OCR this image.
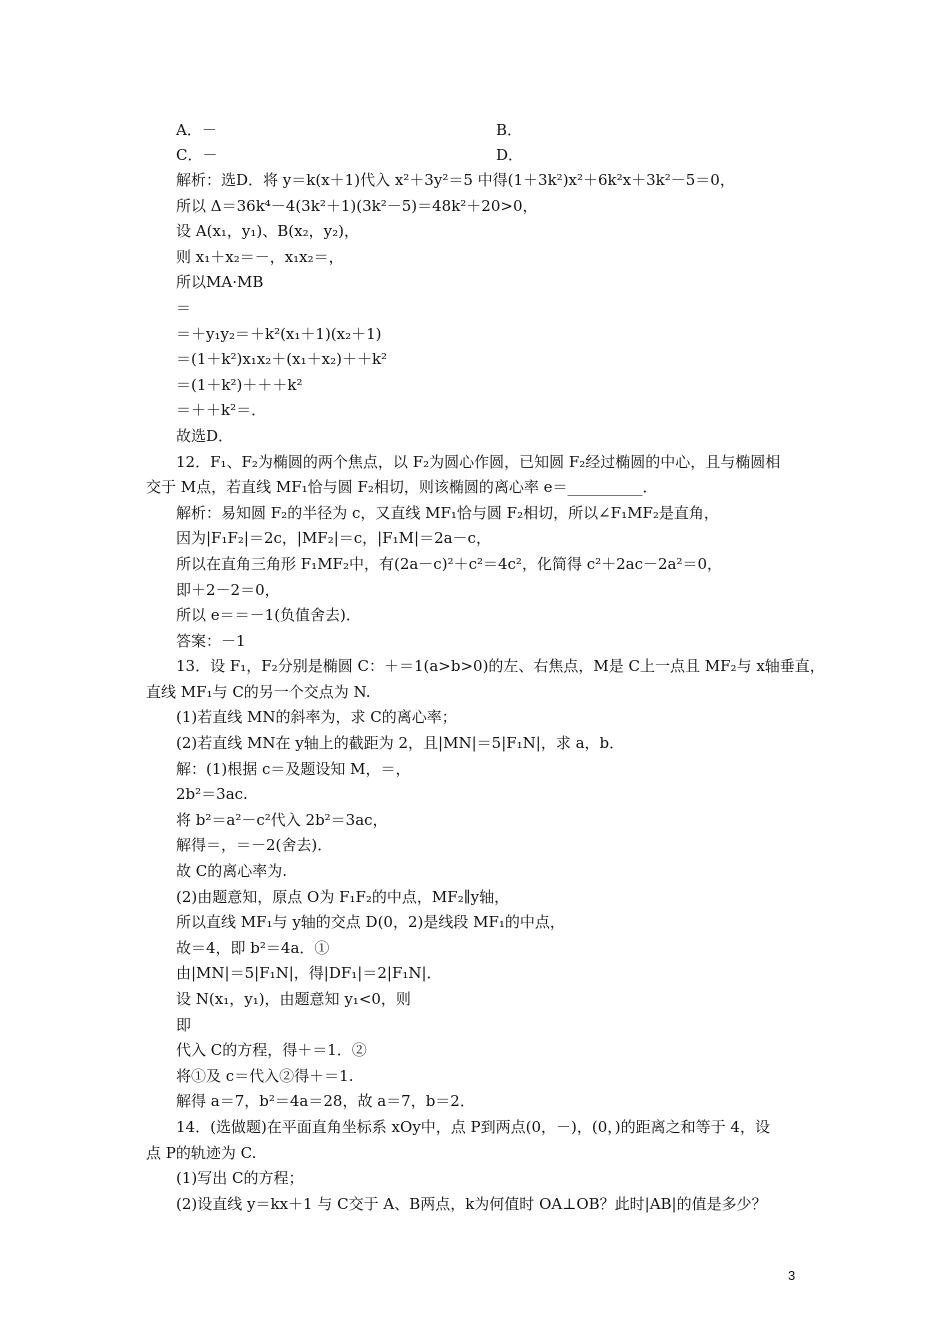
A．－	B．
C．－	D．
解析：选D．将 y＝k(x＋1)代入 x²＋3y²＝5 中得(1＋3k²)x²＋6k²x＋3k²－5＝0，
所以 Δ＝36k⁴－4(3k²＋1)(3k²－5)＝48k²＋20>0，
设 A(x₁，y₁)、B(x₂，y₂)，
则 x₁＋x₂＝－，x₁x₂＝，
所以MA·MB
＝
＝＋y₁y₂＝＋k²(x₁＋1)(x₂＋1)
＝(1＋k²)x₁x₂＋(x₁＋x₂)＋＋k²
＝(1＋k²)＋＋＋k²
＝＋＋k²＝．
故选D．
12．F₁、F₂为椭圆的两个焦点，以 F₂为圆心作圆，已知圆 F₂经过椭圆的中心，且与椭圆相
交于 M点，若直线 MF₁恰与圆 F₂相切，则该椭圆的离心率 e＝__________．
解析：易知圆 F₂的半径为 c，又直线 MF₁恰与圆 F₂相切，所以∠F₁MF₂是直角，
因为|F₁F₂|＝2c，|MF₂|＝c，|F₁M|＝2a－c，
所以在直角三角形 F₁MF₂中，有(2a－c)²＋c²＝4c²，化简得 c²＋2ac－2a²＝0，
即＋2－2＝0，
所以 e＝＝－1(负值舍去)．
答案：－1
13．设 F₁，F₂分别是椭圆 C：＋＝1(a>b>0)的左、右焦点，M是 C上一点且 MF₂与 x轴垂直，
直线 MF₁与 C的另一个交点为 N.
(1)若直线 MN的斜率为，求 C的离心率；
(2)若直线 MN在 y轴上的截距为 2，且|MN|＝5|F₁N|，求 a，b．
解：(1)根据 c＝及题设知 M，＝，
2b²＝3ac.
将 b²＝a²－c²代入 2b²＝3ac，
解得＝，＝－2(舍去)．
故 C的离心率为.
(2)由题意知，原点 O为 F₁F₂的中点，MF₂∥y轴，
所以直线 MF₁与 y轴的交点 D(0，2)是线段 MF₁的中点，
故＝4，即 b²＝4a．①
由|MN|＝5|F₁N|，得|DF₁|＝2|F₁N|．
设 N(x₁，y₁)，由题意知 y₁<0，则
即
代入 C的方程，得＋＝1．②
将①及 c＝代入②得＋＝1.
解得 a＝7，b²＝4a＝28，故 a＝7，b＝2．
14．(选做题)在平面直角坐标系 xOy中，点 P到两点(0，－)，(0，)的距离之和等于 4，设
点 P的轨迹为 C.
(1)写出 C的方程；
(2)设直线 y＝kx＋1 与 C交于 A、B两点，k为何值时 OA⊥OB？此时|AB|的值是多少？
3
